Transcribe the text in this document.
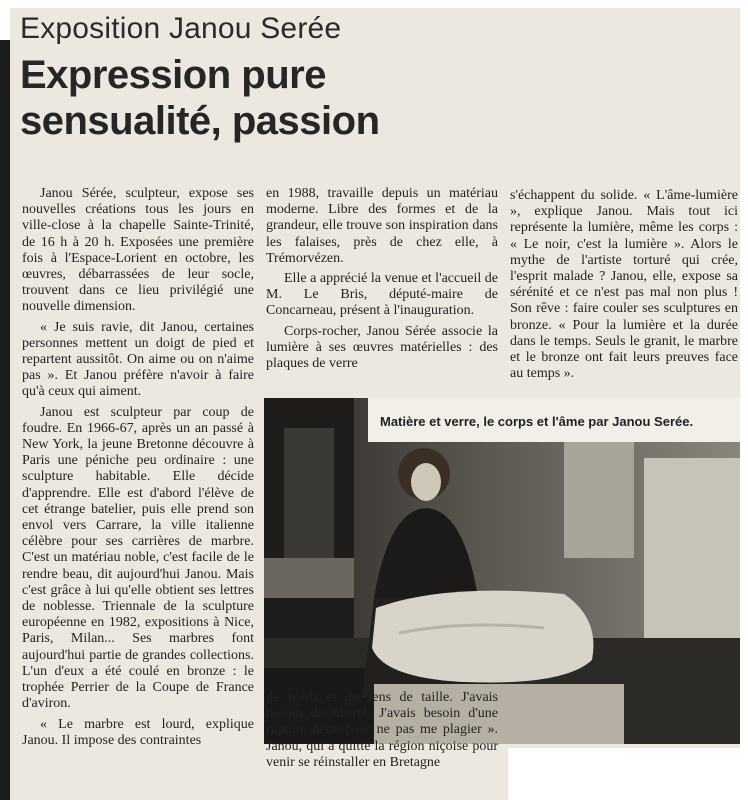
Exposition Janou Serée
Expression pure
sensualité, passion

Janou Sérée, sculpteur, expose ses nouvelles créations tous les jours en ville-close à la chapelle Sainte-Trinité, de 16 h à 20 h. Exposées une première fois à l'Espace-Lorient en octobre, les œuvres, débarrassées de leur socle, trouvent dans ce lieu privilégié une nouvelle dimension.

« Je suis ravie, dit Janou, certaines personnes mettent un doigt de pied et repartent aussitôt. On aime ou on n'aime pas ». Et Janou préfère n'avoir à faire qu'à ceux qui aiment.

Janou est sculpteur par coup de foudre. En 1966-67, après un an passé à New York, la jeune Bretonne découvre à Paris une péniche peu ordinaire : une sculpture habitable. Elle décide d'apprendre. Elle est d'abord l'élève de cet étrange batelier, puis elle prend son envol vers Carrare, la ville italienne célèbre pour ses carrières de marbre. C'est un matériau noble, c'est facile de le rendre beau, dit aujourd'hui Janou. Mais c'est grâce à lui qu'elle obtient ses lettres de noblesse. Triennale de la sculpture européenne en 1982, expositions à Nice, Paris, Milan... Ses marbres font aujourd'hui partie de grandes collections. L'un d'eux a été coulé en bronze : le trophée Perrier de la Coupe de France d'aviron.

« Le marbre est lourd, explique Janou. Il impose des contraintes

en 1988, travaille depuis un matériau moderne. Libre des formes et de la grandeur, elle trouve son inspiration dans les falaises, près de chez elle, à Trémorvézen.

Elle a apprécié la venue et l'accueil de M. Le Bris, député-maire de Concarneau, présent à l'inauguration.

Corps-rocher, Janou Sérée associe la lumière à ses œuvres matérielles : des plaques de verre

s'échappent du solide. « L'âme-lumière », explique Janou. Mais tout ici représente la lumière, même les corps : « Le noir, c'est la lumière ». Alors le mythe de l'artiste torturé qui crée, l'esprit malade ? Janou, elle, expose sa sérénité et ce n'est pas mal non plus ! Son rêve : faire couler ses sculptures en bronze. « Pour la lumière et la durée dans le temps. Seuls le granit, le marbre et le bronze ont fait leurs preuves face au temps ».

Matière et verre, le corps et l'âme par Janou Serée.

de poids et de sens de taille. J'avais besoin de liberté. J'avais besoin d'une rupture nette pour ne pas me plagier ». Janou, qui a quitté la région niçoise pour venir se réinstaller en Bretagne
